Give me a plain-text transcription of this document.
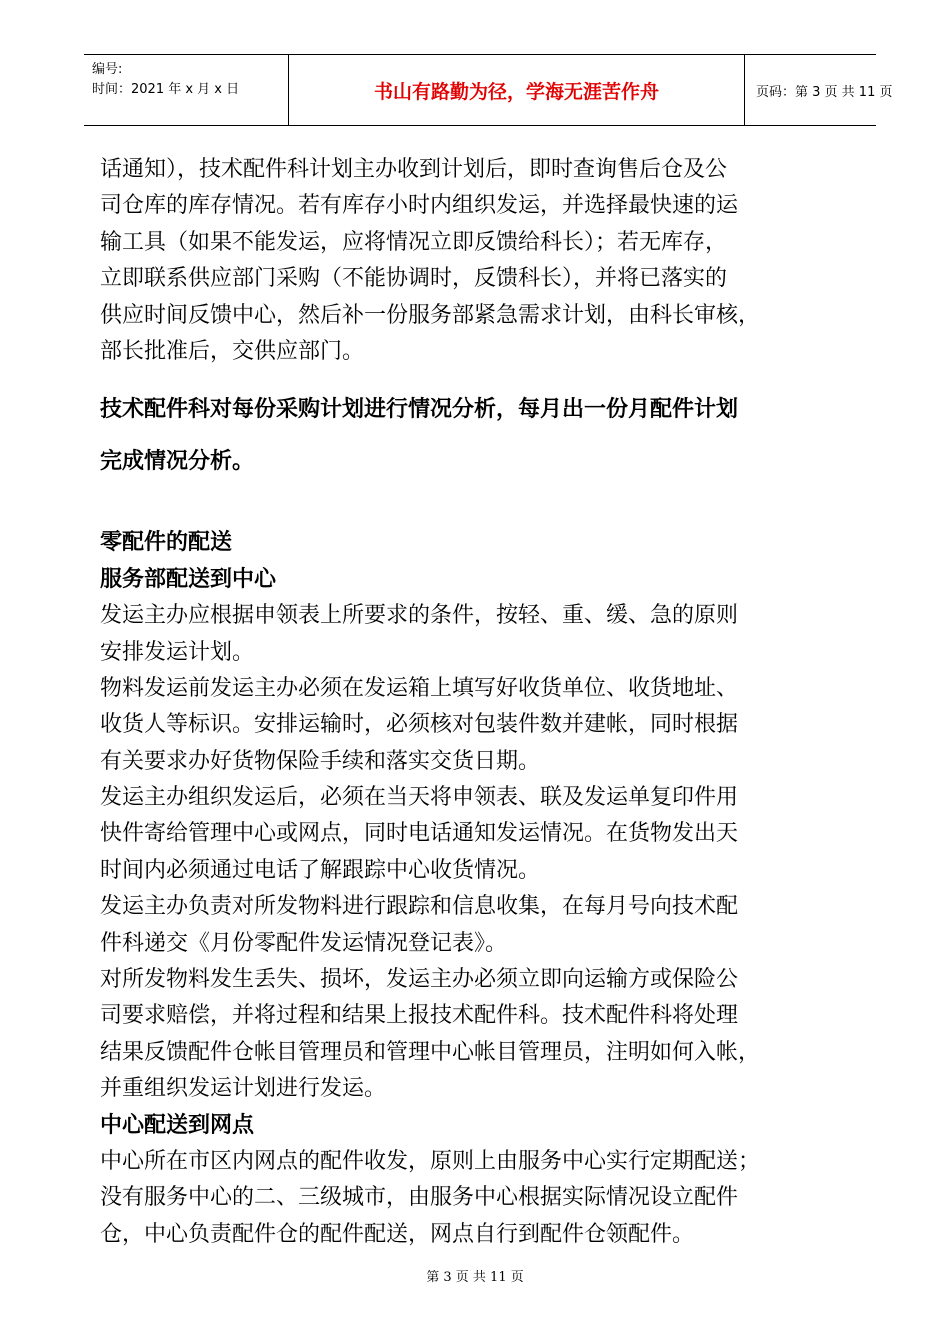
编号:
时间：2021 年 x 月 x 日	书山有路勤为径，学海无涯苦作舟	页码：第 3 页 共 11 页
话通知），技术配件科计划主办收到计划后，即时查询售后仓及公
司仓库的库存情况。若有库存小时内组织发运，并选择最快速的运
输工具（如果不能发运，应将情况立即反馈给科长）；若无库存，
立即联系供应部门采购（不能协调时，反馈科长），并将已落实的
供应时间反馈中心，然后补一份服务部紧急需求计划，由科长审核，
部长批准后，交供应部门。
技术配件科对每份采购计划进行情况分析，每月出一份月配件计划
完成情况分析。
零配件的配送
服务部配送到中心
发运主办应根据申领表上所要求的条件，按轻、重、缓、急的原则
安排发运计划。
物料发运前发运主办必须在发运箱上填写好收货单位、收货地址、
收货人等标识。安排运输时，必须核对包装件数并建帐，同时根据
有关要求办好货物保险手续和落实交货日期。
发运主办组织发运后，必须在当天将申领表、联及发运单复印件用
快件寄给管理中心或网点，同时电话通知发运情况。在货物发出天
时间内必须通过电话了解跟踪中心收货情况。
发运主办负责对所发物料进行跟踪和信息收集，在每月号向技术配
件科递交《月份零配件发运情况登记表》。
对所发物料发生丢失、损坏，发运主办必须立即向运输方或保险公
司要求赔偿，并将过程和结果上报技术配件科。技术配件科将处理
结果反馈配件仓帐目管理员和管理中心帐目管理员，注明如何入帐，
并重组织发运计划进行发运。
中心配送到网点
中心所在市区内网点的配件收发，原则上由服务中心实行定期配送；
没有服务中心的二、三级城市，由服务中心根据实际情况设立配件
仓，中心负责配件仓的配件配送，网点自行到配件仓领配件。
第 3 页 共 11 页
